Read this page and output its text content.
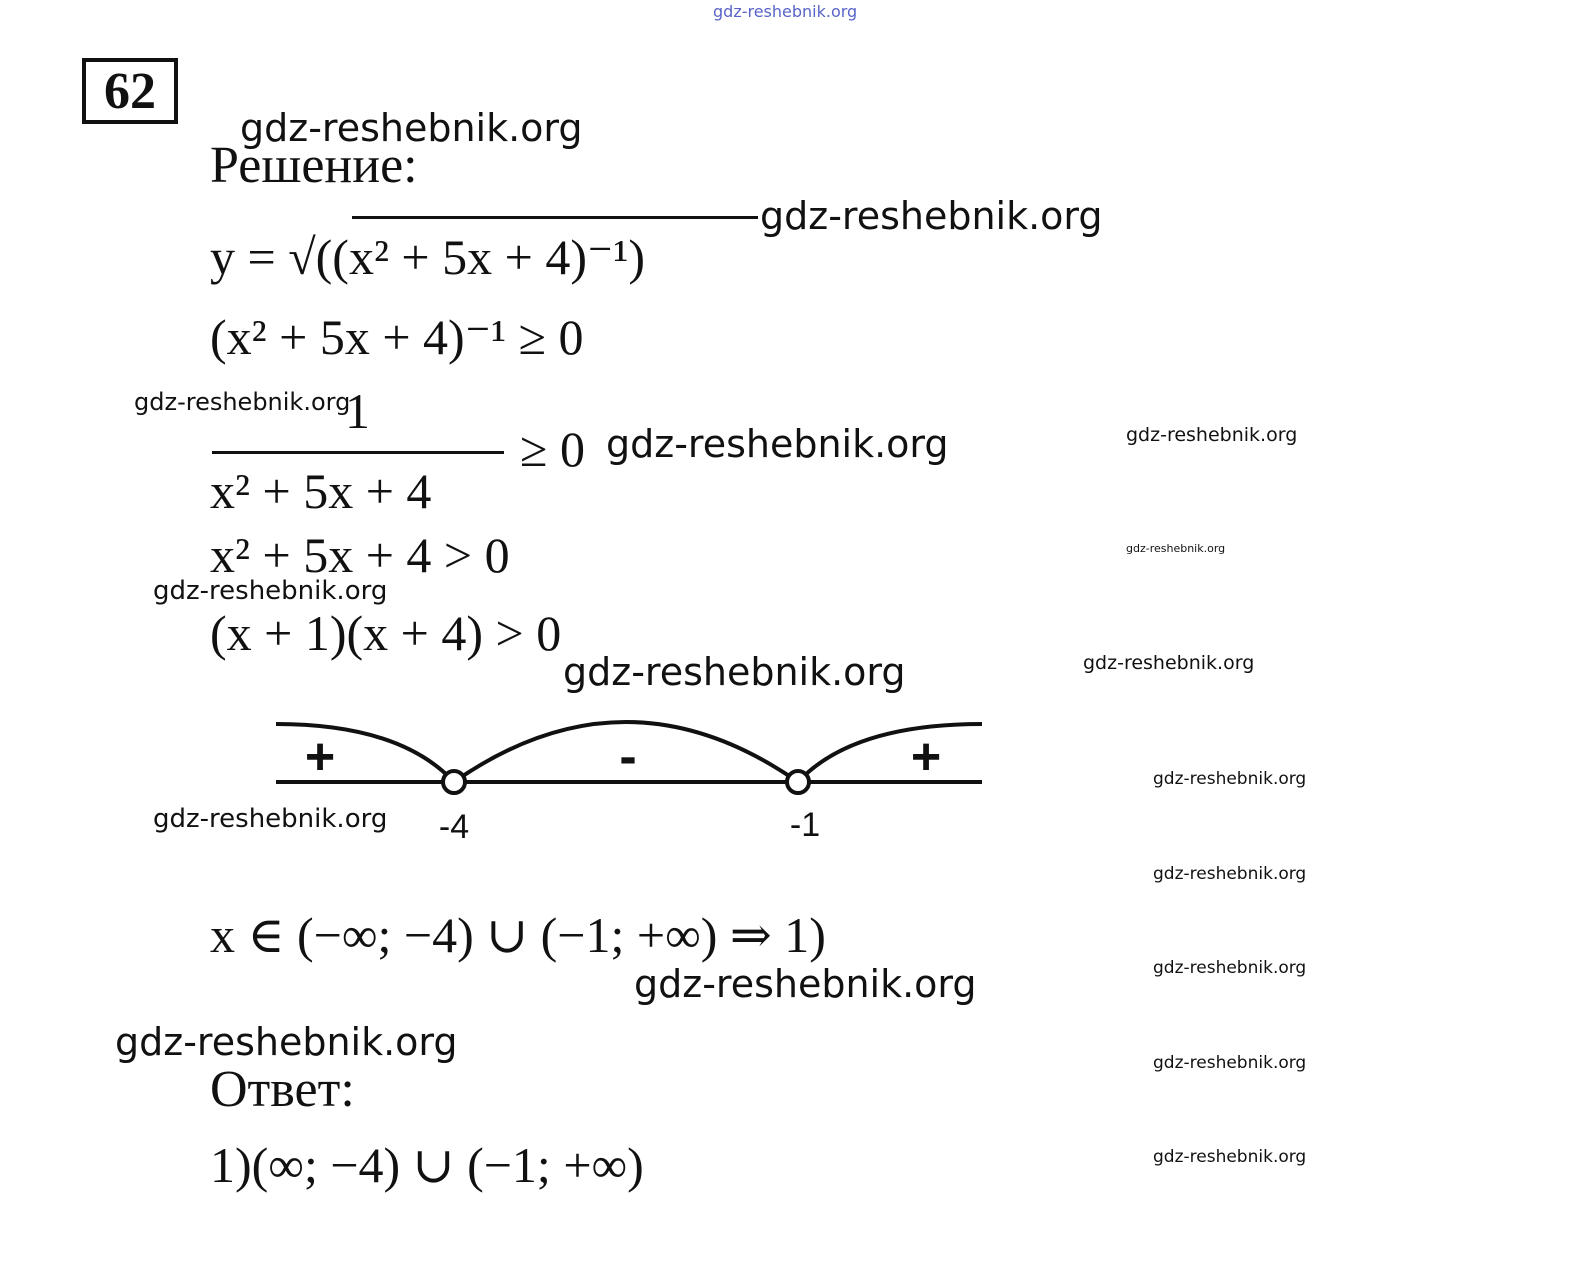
gdz-reshebnik.org
62
gdz-reshebnik.org
gdz-reshebnik.org
gdz-reshebnik.org
gdz-reshebnik.org
gdz-reshebnik.org
gdz-reshebnik.org
gdz-reshebnik.org
gdz-reshebnik.org
gdz-reshebnik.org
gdz-reshebnik.org
gdz-reshebnik.org
gdz-reshebnik.org
gdz-reshebnik.org
gdz-reshebnik.org
gdz-reshebnik.org
gdz-reshebnik.org
gdz-reshebnik.org
Решение:
y = √((x² + 5x + 4)⁻¹)
(x² + 5x + 4)⁻¹ ≥ 0
1
x² + 5x + 4
≥ 0
x² + 5x + 4 > 0
(x + 1)(x + 4) > 0
+	-	+
-4	-1
x ∈ (−∞; −4) ∪ (−1; +∞) ⇒ 1)
Ответ:
1)(∞; −4) ∪ (−1; +∞)
